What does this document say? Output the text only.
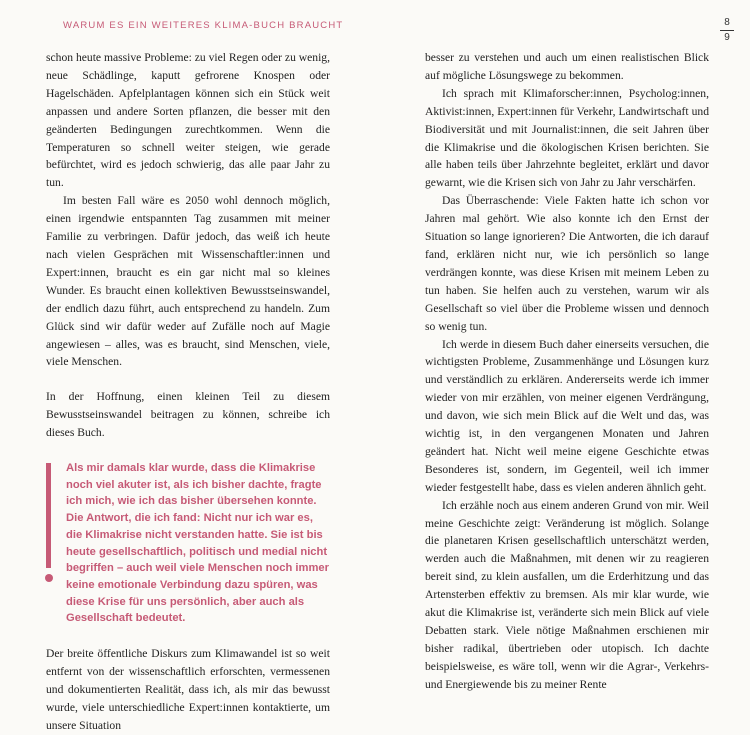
WARUM ES EIN WEITERES KLIMA-BUCH BRAUCHT	8
9

schon heute massive Probleme: zu viel Regen oder zu wenig, neue Schädlinge, kaputt gefrorene Knospen oder Hagelschäden. Apfelplantagen können sich ein Stück weit anpassen und andere Sorten pflanzen, die besser mit den geänderten Bedingungen zurechtkommen. Wenn die Temperaturen so schnell weiter steigen, wie gerade befürchtet, wird es jedoch schwierig, das alle paar Jahr zu tun.

Im besten Fall wäre es 2050 wohl dennoch möglich, einen irgendwie entspannten Tag zusammen mit meiner Familie zu verbringen. Dafür jedoch, das weiß ich heute nach vielen Gesprächen mit Wissenschaftler:innen und Expert:innen, braucht es ein gar nicht mal so kleines Wunder. Es braucht einen kollektiven Bewusstseinswandel, der endlich dazu führt, auch entsprechend zu handeln. Zum Glück sind wir dafür weder auf Zufälle noch auf Magie angewiesen – alles, was es braucht, sind Menschen, viele, viele Menschen.

In der Hoffnung, einen kleinen Teil zu diesem Bewusstseinswandel beitragen zu können, schreibe ich dieses Buch.

Als mir damals klar wurde, dass die Klimakrise noch viel akuter ist, als ich bisher dachte, fragte ich mich, wie ich das bisher übersehen konnte. Die Antwort, die ich fand: Nicht nur ich war es, die Klimakrise nicht verstanden hatte. Sie ist bis heute gesellschaftlich, politisch und medial nicht begriffen – auch weil viele Menschen noch immer keine emotionale Verbindung dazu spüren, was diese Krise für uns persönlich, aber auch als Gesellschaft bedeutet.

Der breite öffentliche Diskurs zum Klimawandel ist so weit entfernt von der wissenschaftlich erforschten, vermessenen und dokumentierten Realität, dass ich, als mir das bewusst wurde, viele unterschiedliche Expert:innen kontaktierte, um unsere Situation

besser zu verstehen und auch um einen realistischen Blick auf mögliche Lösungswege zu bekommen.

Ich sprach mit Klimaforscher:innen, Psycholog:innen, Aktivist:innen, Expert:innen für Verkehr, Landwirtschaft und Biodiversität und mit Journalist:innen, die seit Jahren über die Klimakrise und die ökologischen Krisen berichten. Sie alle haben teils über Jahrzehnte begleitet, erklärt und davor gewarnt, wie die Krisen sich von Jahr zu Jahr verschärfen.

Das Überraschende: Viele Fakten hatte ich schon vor Jahren mal gehört. Wie also konnte ich den Ernst der Situation so lange ignorieren? Die Antworten, die ich darauf fand, erklären nicht nur, wie ich persönlich so lange verdrängen konnte, was diese Krisen mit meinem Leben zu tun haben. Sie helfen auch zu verstehen, warum wir als Gesellschaft so viel über die Probleme wissen und dennoch so wenig tun.

Ich werde in diesem Buch daher einerseits versuchen, die wichtigsten Probleme, Zusammenhänge und Lösungen kurz und verständlich zu erklären. Andererseits werde ich immer wieder von mir erzählen, von meiner eigenen Verdrängung, und davon, wie sich mein Blick auf die Welt und das, was wichtig ist, in den vergangenen Monaten und Jahren geändert hat. Nicht weil meine eigene Geschichte etwas Besonderes ist, sondern, im Gegenteil, weil ich immer wieder festgestellt habe, dass es vielen anderen ähnlich geht.

Ich erzähle noch aus einem anderen Grund von mir. Weil meine Geschichte zeigt: Veränderung ist möglich. Solange die planetaren Krisen gesellschaftlich unterschätzt werden, werden auch die Maßnahmen, mit denen wir zu reagieren bereit sind, zu klein ausfallen, um die Erderhitzung und das Artensterben effektiv zu bremsen. Als mir klar wurde, wie akut die Klimakrise ist, veränderte sich mein Blick auf viele Debatten stark. Viele nötige Maßnahmen erschienen mir bisher radikal, übertrieben oder utopisch. Ich dachte beispielsweise, es wäre toll, wenn wir die Agrar-, Verkehrs- und Energiewende bis zu meiner Rente
